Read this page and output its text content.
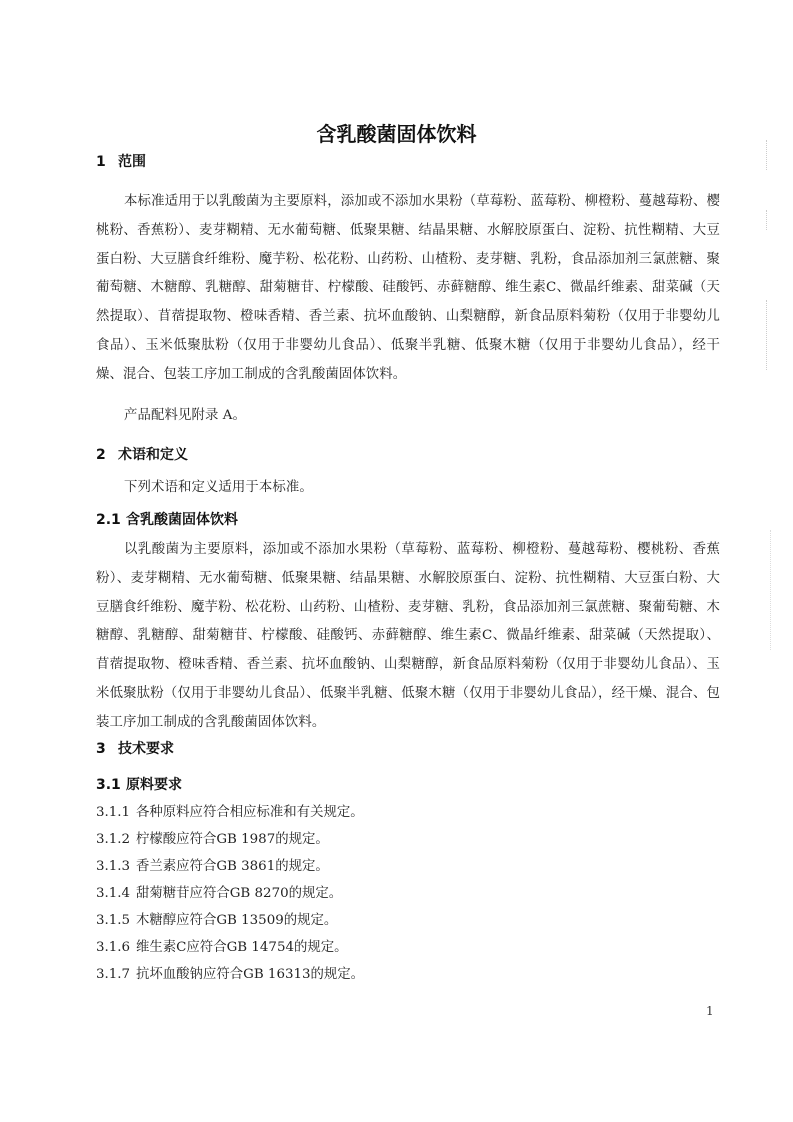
含乳酸菌固体饮料
1 范围
本标准适用于以乳酸菌为主要原料，添加或不添加水果粉（草莓粉、蓝莓粉、柳橙粉、蔓越莓粉、樱桃粉、香蕉粉）、麦芽糊精、无水葡萄糖、低聚果糖、结晶果糖、水解胶原蛋白、淀粉、抗性糊精、大豆蛋白粉、大豆膳食纤维粉、魔芋粉、松花粉、山药粉、山楂粉、麦芽糖、乳粉，食品添加剂三氯蔗糖、聚葡萄糖、木糖醇、乳糖醇、甜菊糖苷、柠檬酸、硅酸钙、赤藓糖醇、维生素C、微晶纤维素、甜菜碱（天然提取）、苜蓿提取物、橙味香精、香兰素、抗坏血酸钠、山梨糖醇，新食品原料菊粉（仅用于非婴幼儿食品）、玉米低聚肽粉（仅用于非婴幼儿食品）、低聚半乳糖、低聚木糖（仅用于非婴幼儿食品），经干燥、混合、包装工序加工制成的含乳酸菌固体饮料。
产品配料见附录 A。
2 术语和定义
下列术语和定义适用于本标准。
2.1 含乳酸菌固体饮料
以乳酸菌为主要原料，添加或不添加水果粉（草莓粉、蓝莓粉、柳橙粉、蔓越莓粉、樱桃粉、香蕉粉）、麦芽糊精、无水葡萄糖、低聚果糖、结晶果糖、水解胶原蛋白、淀粉、抗性糊精、大豆蛋白粉、大豆膳食纤维粉、魔芋粉、松花粉、山药粉、山楂粉、麦芽糖、乳粉，食品添加剂三氯蔗糖、聚葡萄糖、木糖醇、乳糖醇、甜菊糖苷、柠檬酸、硅酸钙、赤藓糖醇、维生素C、微晶纤维素、甜菜碱（天然提取）、苜蓿提取物、橙味香精、香兰素、抗坏血酸钠、山梨糖醇，新食品原料菊粉（仅用于非婴幼儿食品）、玉米低聚肽粉（仅用于非婴幼儿食品）、低聚半乳糖、低聚木糖（仅用于非婴幼儿食品），经干燥、混合、包装工序加工制成的含乳酸菌固体饮料。
3 技术要求
3.1 原料要求
3.1.1 各种原料应符合相应标准和有关规定。
3.1.2 柠檬酸应符合GB 1987的规定。
3.1.3 香兰素应符合GB 3861的规定。
3.1.4 甜菊糖苷应符合GB 8270的规定。
3.1.5 木糖醇应符合GB 13509的规定。
3.1.6 维生素C应符合GB 14754的规定。
3.1.7 抗坏血酸钠应符合GB 16313的规定。
1
